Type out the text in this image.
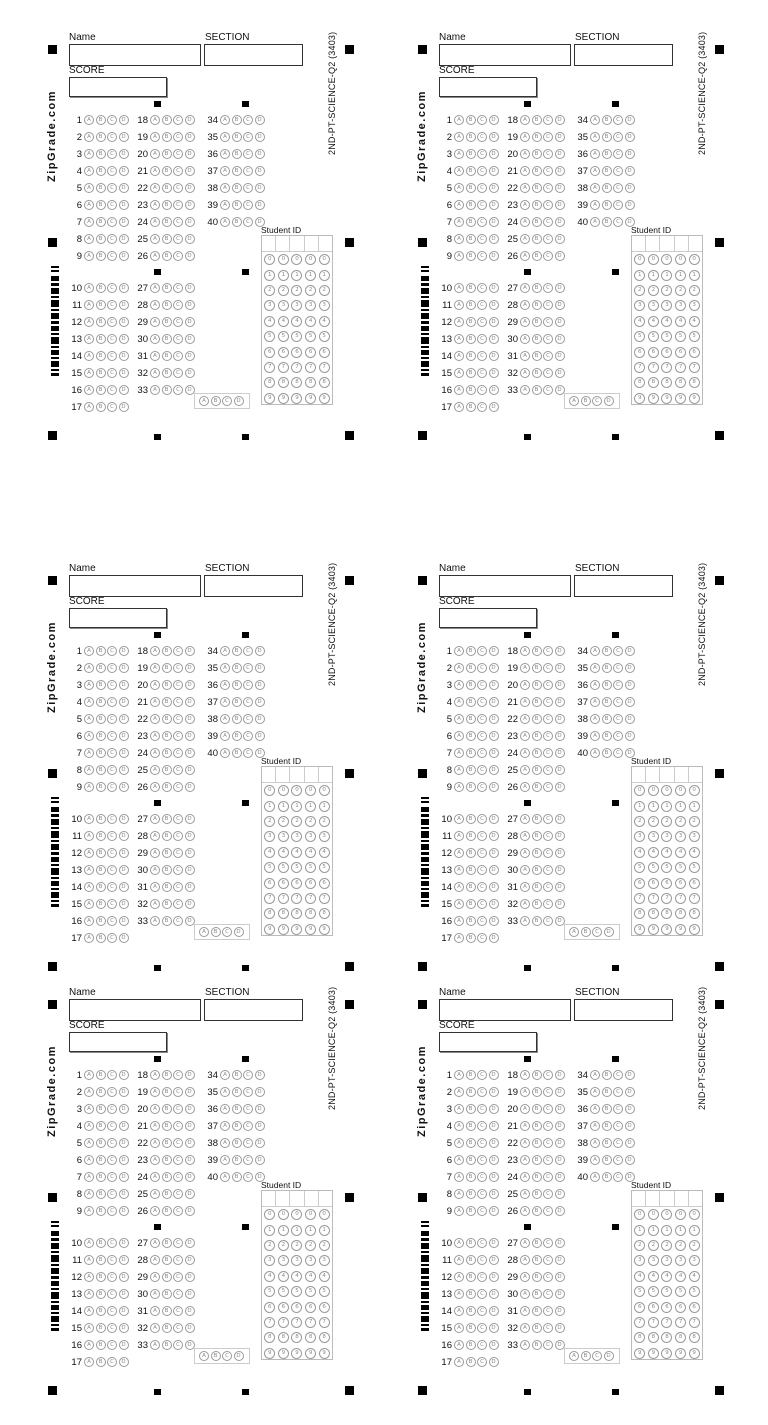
Name	SECTION
SCORE
ZipGrade.com	2ND-PT-SCIENCE-Q2 (3403)
1 A	B	C	D
2 A	B	C	D
3 A	B	C	D
4 A	B	C	D
5 A	B	C	D
6 A	B	C	D
7 A	B	C	D
8 A	B	C	D
9 A	B	C	D
10 A	B	C	D
11 A	B	C	D
12 A	B	C	D
13 A	B	C	D
14 A	B	C	D
15 A	B	C	D
16 A	B	C	D
17 A	B	C	D
18 A	B	C	D
19 A	B	C	D
20 A	B	C	D
21 A	B	C	D
22 A	B	C	D
23 A	B	C	D
24 A	B	C	D
25 A	B	C	D
26 A	B	C	D
27 A	B	C	D
28 A	B	C	D
29 A	B	C	D
30 A	B	C	D
31 A	B	C	D
32 A	B	C	D
33 A	B	C	D
34 A	B	C	D
35 A	B	C	D
36 A	B	C	D
37 A	B	C	D
38 A	B	C	D
39 A	B	C	D
40 A	B	C	D
A	B	C	D
Student ID
0	0	0	0	0
1	1	1	1	1
2	2	2	2	2
3	3	3	3	3
4	4	4	4	4
5	5	5	5	5
6	6	6	6	6
7	7	7	7	7
8	8	8	8	8
9	9	9	9	9
Name	SECTION
SCORE
ZipGrade.com	2ND-PT-SCIENCE-Q2 (3403)
1 A	B	C	D
2 A	B	C	D
3 A	B	C	D
4 A	B	C	D
5 A	B	C	D
6 A	B	C	D
7 A	B	C	D
8 A	B	C	D
9 A	B	C	D
10 A	B	C	D
11 A	B	C	D
12 A	B	C	D
13 A	B	C	D
14 A	B	C	D
15 A	B	C	D
16 A	B	C	D
17 A	B	C	D
18 A	B	C	D
19 A	B	C	D
20 A	B	C	D
21 A	B	C	D
22 A	B	C	D
23 A	B	C	D
24 A	B	C	D
25 A	B	C	D
26 A	B	C	D
27 A	B	C	D
28 A	B	C	D
29 A	B	C	D
30 A	B	C	D
31 A	B	C	D
32 A	B	C	D
33 A	B	C	D
34 A	B	C	D
35 A	B	C	D
36 A	B	C	D
37 A	B	C	D
38 A	B	C	D
39 A	B	C	D
40 A	B	C	D
A	B	C	D
Student ID
0	0	0	0	0
1	1	1	1	1
2	2	2	2	2
3	3	3	3	3
4	4	4	4	4
5	5	5	5	5
6	6	6	6	6
7	7	7	7	7
8	8	8	8	8
9	9	9	9	9
Name	SECTION
SCORE
ZipGrade.com	2ND-PT-SCIENCE-Q2 (3403)
1 A	B	C	D
2 A	B	C	D
3 A	B	C	D
4 A	B	C	D
5 A	B	C	D
6 A	B	C	D
7 A	B	C	D
8 A	B	C	D
9 A	B	C	D
10 A	B	C	D
11 A	B	C	D
12 A	B	C	D
13 A	B	C	D
14 A	B	C	D
15 A	B	C	D
16 A	B	C	D
17 A	B	C	D
18 A	B	C	D
19 A	B	C	D
20 A	B	C	D
21 A	B	C	D
22 A	B	C	D
23 A	B	C	D
24 A	B	C	D
25 A	B	C	D
26 A	B	C	D
27 A	B	C	D
28 A	B	C	D
29 A	B	C	D
30 A	B	C	D
31 A	B	C	D
32 A	B	C	D
33 A	B	C	D
34 A	B	C	D
35 A	B	C	D
36 A	B	C	D
37 A	B	C	D
38 A	B	C	D
39 A	B	C	D
40 A	B	C	D
A	B	C	D
Student ID
0	0	0	0	0
1	1	1	1	1
2	2	2	2	2
3	3	3	3	3
4	4	4	4	4
5	5	5	5	5
6	6	6	6	6
7	7	7	7	7
8	8	8	8	8
9	9	9	9	9
Name	SECTION
SCORE
ZipGrade.com	2ND-PT-SCIENCE-Q2 (3403)
1 A	B	C	D
2 A	B	C	D
3 A	B	C	D
4 A	B	C	D
5 A	B	C	D
6 A	B	C	D
7 A	B	C	D
8 A	B	C	D
9 A	B	C	D
10 A	B	C	D
11 A	B	C	D
12 A	B	C	D
13 A	B	C	D
14 A	B	C	D
15 A	B	C	D
16 A	B	C	D
17 A	B	C	D
18 A	B	C	D
19 A	B	C	D
20 A	B	C	D
21 A	B	C	D
22 A	B	C	D
23 A	B	C	D
24 A	B	C	D
25 A	B	C	D
26 A	B	C	D
27 A	B	C	D
28 A	B	C	D
29 A	B	C	D
30 A	B	C	D
31 A	B	C	D
32 A	B	C	D
33 A	B	C	D
34 A	B	C	D
35 A	B	C	D
36 A	B	C	D
37 A	B	C	D
38 A	B	C	D
39 A	B	C	D
40 A	B	C	D
A	B	C	D
Student ID
0	0	0	0	0
1	1	1	1	1
2	2	2	2	2
3	3	3	3	3
4	4	4	4	4
5	5	5	5	5
6	6	6	6	6
7	7	7	7	7
8	8	8	8	8
9	9	9	9	9
Name	SECTION
SCORE
ZipGrade.com	2ND-PT-SCIENCE-Q2 (3403)
1 A	B	C	D
2 A	B	C	D
3 A	B	C	D
4 A	B	C	D
5 A	B	C	D
6 A	B	C	D
7 A	B	C	D
8 A	B	C	D
9 A	B	C	D
10 A	B	C	D
11 A	B	C	D
12 A	B	C	D
13 A	B	C	D
14 A	B	C	D
15 A	B	C	D
16 A	B	C	D
17 A	B	C	D
18 A	B	C	D
19 A	B	C	D
20 A	B	C	D
21 A	B	C	D
22 A	B	C	D
23 A	B	C	D
24 A	B	C	D
25 A	B	C	D
26 A	B	C	D
27 A	B	C	D
28 A	B	C	D
29 A	B	C	D
30 A	B	C	D
31 A	B	C	D
32 A	B	C	D
33 A	B	C	D
34 A	B	C	D
35 A	B	C	D
36 A	B	C	D
37 A	B	C	D
38 A	B	C	D
39 A	B	C	D
40 A	B	C	D
A	B	C	D
Student ID
0	0	0	0	0
1	1	1	1	1
2	2	2	2	2
3	3	3	3	3
4	4	4	4	4
5	5	5	5	5
6	6	6	6	6
7	7	7	7	7
8	8	8	8	8
9	9	9	9	9
Name	SECTION
SCORE
ZipGrade.com	2ND-PT-SCIENCE-Q2 (3403)
1 A	B	C	D
2 A	B	C	D
3 A	B	C	D
4 A	B	C	D
5 A	B	C	D
6 A	B	C	D
7 A	B	C	D
8 A	B	C	D
9 A	B	C	D
10 A	B	C	D
11 A	B	C	D
12 A	B	C	D
13 A	B	C	D
14 A	B	C	D
15 A	B	C	D
16 A	B	C	D
17 A	B	C	D
18 A	B	C	D
19 A	B	C	D
20 A	B	C	D
21 A	B	C	D
22 A	B	C	D
23 A	B	C	D
24 A	B	C	D
25 A	B	C	D
26 A	B	C	D
27 A	B	C	D
28 A	B	C	D
29 A	B	C	D
30 A	B	C	D
31 A	B	C	D
32 A	B	C	D
33 A	B	C	D
34 A	B	C	D
35 A	B	C	D
36 A	B	C	D
37 A	B	C	D
38 A	B	C	D
39 A	B	C	D
40 A	B	C	D
A	B	C	D
Student ID
0	0	0	0	0
1	1	1	1	1
2	2	2	2	2
3	3	3	3	3
4	4	4	4	4
5	5	5	5	5
6	6	6	6	6
7	7	7	7	7
8	8	8	8	8
9	9	9	9	9
